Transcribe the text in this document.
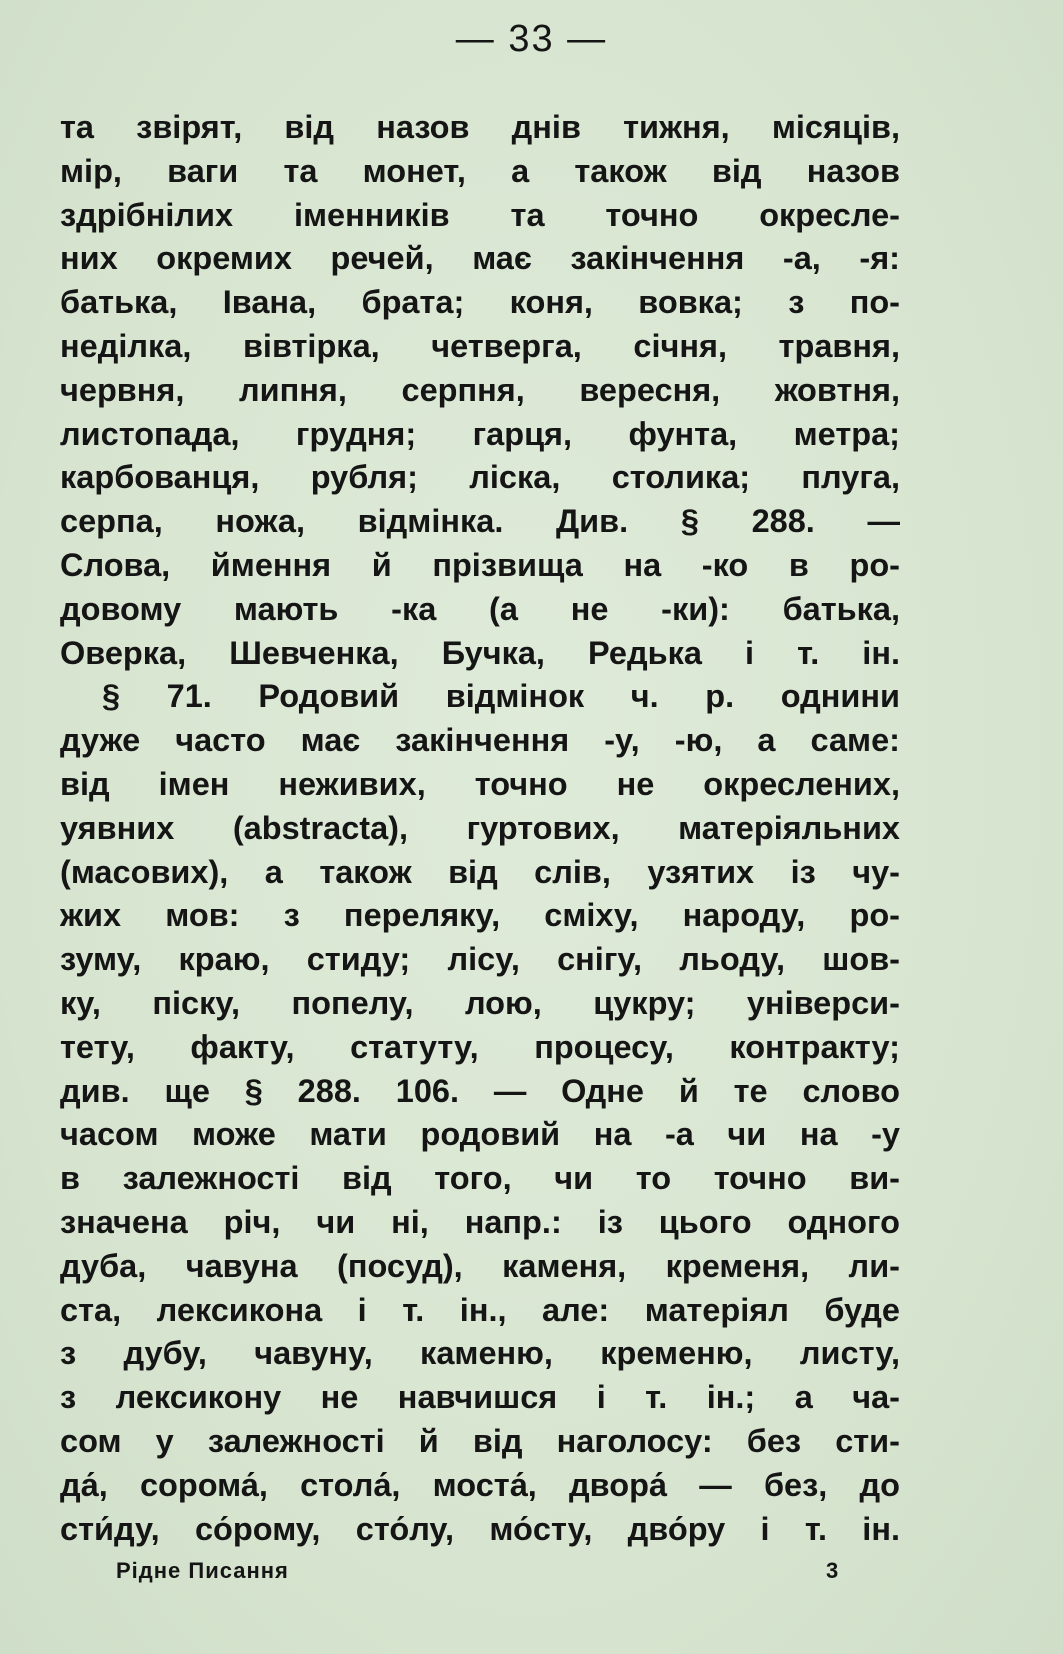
— 33 —
та звірят, від назов днів тижня, місяців,
мір, ваги та монет, а також від назов
здрібнілих іменників та точно окресле-
них окремих речей, має закінчення -а, -я:
батька, Івана, брата; коня, вовка; з по-
неділка, вівтірка, четверга, січня, травня,
червня, липня, серпня, вересня, жовтня,
листопада, грудня; гарця, фунта, метра;
карбованця, рубля; ліска, столика; плуга,
серпа, ножа, відмінка. Див. § 288. —
Слова, ймення й прізвища на -ко в ро-
довому мають -ка (а не -ки): батька,
Оверка, Шевченка, Бучка, Редька і т. ін.
§ 71. Родовий відмінок ч. р. однини
дуже часто має закінчення -у, -ю, а саме:
від імен неживих, точно не окреслених,
уявних (abstracta), гуртових, матеріяльних
(масових), а також від слів, узятих із чу-
жих мов: з переляку, сміху, народу, ро-
зуму, краю, стиду; лісу, снігу, льоду, шов-
ку, піску, попелу, лою, цукру; універси-
тету, факту, статуту, процесу, контракту;
див. ще § 288. 106. — Одне й те слово
часом може мати родовий на -а чи на -у
в залежності від того, чи то точно ви-
значена річ, чи ні, напр.: із цього одного
дуба, чавуна (посуд), каменя, кременя, ли-
ста, лексикона і т. ін., але: матеріял буде
з дубу, чавуну, каменю, кременю, листу,
з лексикону не навчишся і т. ін.; а ча-
сом у залежності й від наголосу: без сти-
да́, сорома́, стола́, моста́, двора́ — без, до
сти́ду, со́рому, сто́лу, мо́сту, дво́ру і т. ін.
Рідне Писання	3
